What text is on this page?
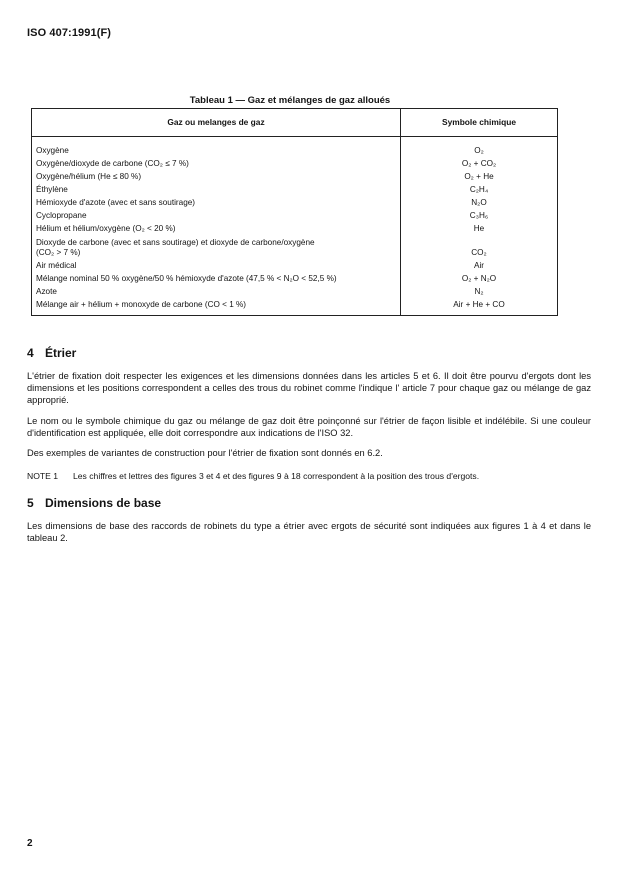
ISO 407:1991(F)
Tableau 1 — Gaz et mélanges de gaz alloués
Gaz ou melanges de gaz	Symbole chimique
Oxygène	O₂
Oxygène/dioxyde de carbone (CO₂ ≤ 7 %)	O₂ + CO₂
Oxygène/hélium (He ≤ 80 %)	O₂ + He
Éthylène	C₂H₄
Hémioxyde d'azote (avec et sans soutirage)	N₂O
Cyclopropane	C₃H₆
Hélium et hélium/oxygène (O₂ < 20 %)	He

Dioxyde de carbone (avec et sans soutirage) et dioxyde de carbone/oxygène
(CO₂ > 7 %)	CO₂
Air médical	Air
Mélange nominal 50 % oxygène/50 % hémioxyde d'azote (47,5 % < N₂O < 52,5 %)	O₂ + N₂O
Azote	N₂
Mélange air + hélium + monoxyde de carbone (CO < 1 %)	Air + He + CO
4 Étrier
L'étrier de fixation doit respecter les exigences et les dimensions données dans les articles 5 et 6. Il doit être pourvu d'ergots dont les dimensions et les positions correspondent a celles des trous du robinet comme l'indique l' article 7 pour chaque gaz ou mélange de gaz approprié.
Le nom ou le symbole chimique du gaz ou mélange de gaz doit être poinçonné sur l'étrier de façon lisible et indélébile. Si une couleur d'identification est appliquée, elle doit correspondre aux indications de l'ISO 32.
Des exemples de variantes de construction pour l'étrier de fixation sont donnés en 6.2.
NOTE 1 Les chiffres et lettres des figures 3 et 4 et des figures 9 à 18 correspondent à la position des trous d'ergots.
5 Dimensions de base
Les dimensions de base des raccords de robinets du type a étrier avec ergots de sécurité sont indiquées aux figures 1 à 4 et dans le tableau 2.
2
